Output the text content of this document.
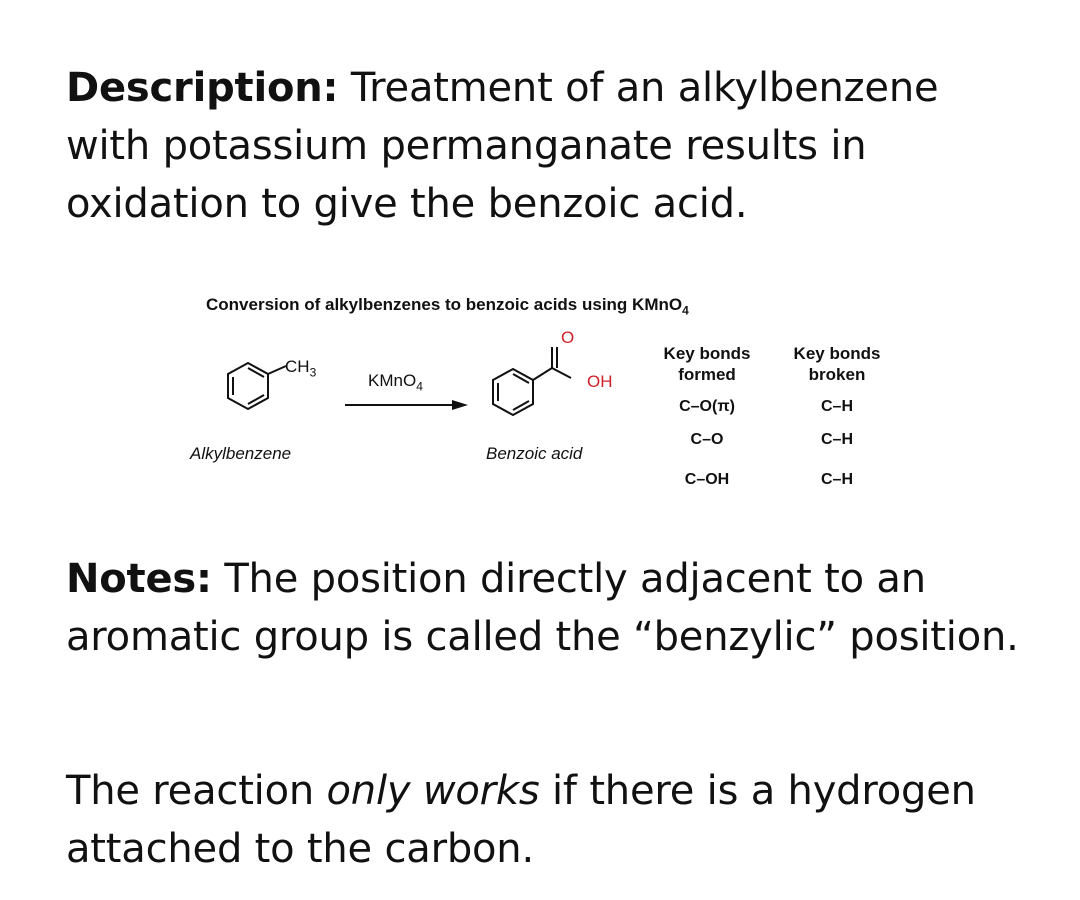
Description: Treatment of an alkylbenzene with potassium permanganate results in oxidation to give the benzoic acid.
Conversion of alkylbenzenes to benzoic acids using KMnO$_4$
$CH_3$	KMnO$_4$
O
OH
Alkylbenzene	Benzoic acid
Key bonds formed
Key bonds broken
C–O(π)
C–O
C–OH
C–H
C–H
C–H
Notes: The position directly adjacent to an aromatic group is called the “benzylic” position.
The reaction only works if there is a hydrogen attached to the carbon.
